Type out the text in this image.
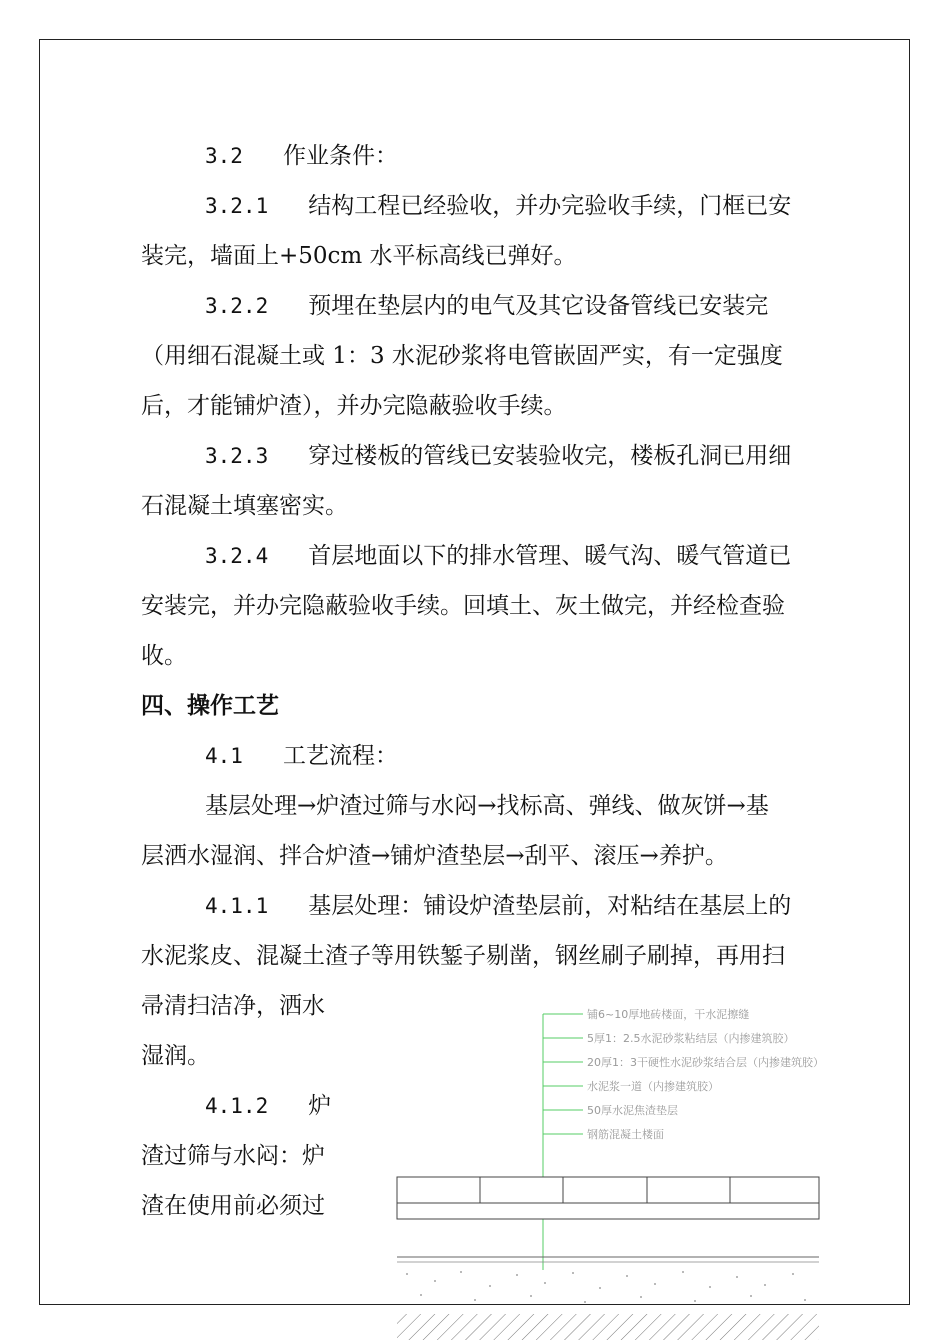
3.2 作业条件：
3.2.1 结构工程已经验收，并办完验收手续，门框已安
装完，墙面上+50cm 水平标高线已弹好。
3.2.2 预埋在垫层内的电气及其它设备管线已安装完
（用细石混凝土或 1：3 水泥砂浆将电管嵌固严实，有一定强度
后，才能铺炉渣），并办完隐蔽验收手续。
3.2.3 穿过楼板的管线已安装验收完，楼板孔洞已用细
石混凝土填塞密实。
3.2.4 首层地面以下的排水管理、暖气沟、暖气管道已
安装完，并办完隐蔽验收手续。回填土、灰土做完，并经检查验
收。
四、操作工艺
4.1 工艺流程：
基层处理→炉渣过筛与水闷→找标高、弹线、做灰饼→基
层洒水湿润、拌合炉渣→铺炉渣垫层→刮平、滚压→养护。
4.1.1 基层处理：铺设炉渣垫层前，对粘结在基层上的
水泥浆皮、混凝土渣子等用铁錾子剔凿，钢丝刷子刷掉，再用扫
帚清扫洁净，洒水
湿润。
4.1.2 炉
渣过筛与水闷：炉
渣在使用前必须过
铺6~10厚地砖楼面，干水泥擦缝
5厚1：2.5水泥砂浆粘结层（内掺建筑胶）
20厚1：3干硬性水泥砂浆结合层（内掺建筑胶）
水泥浆一道（内掺建筑胶）
50厚水泥焦渣垫层
钢筋混凝土楼面
